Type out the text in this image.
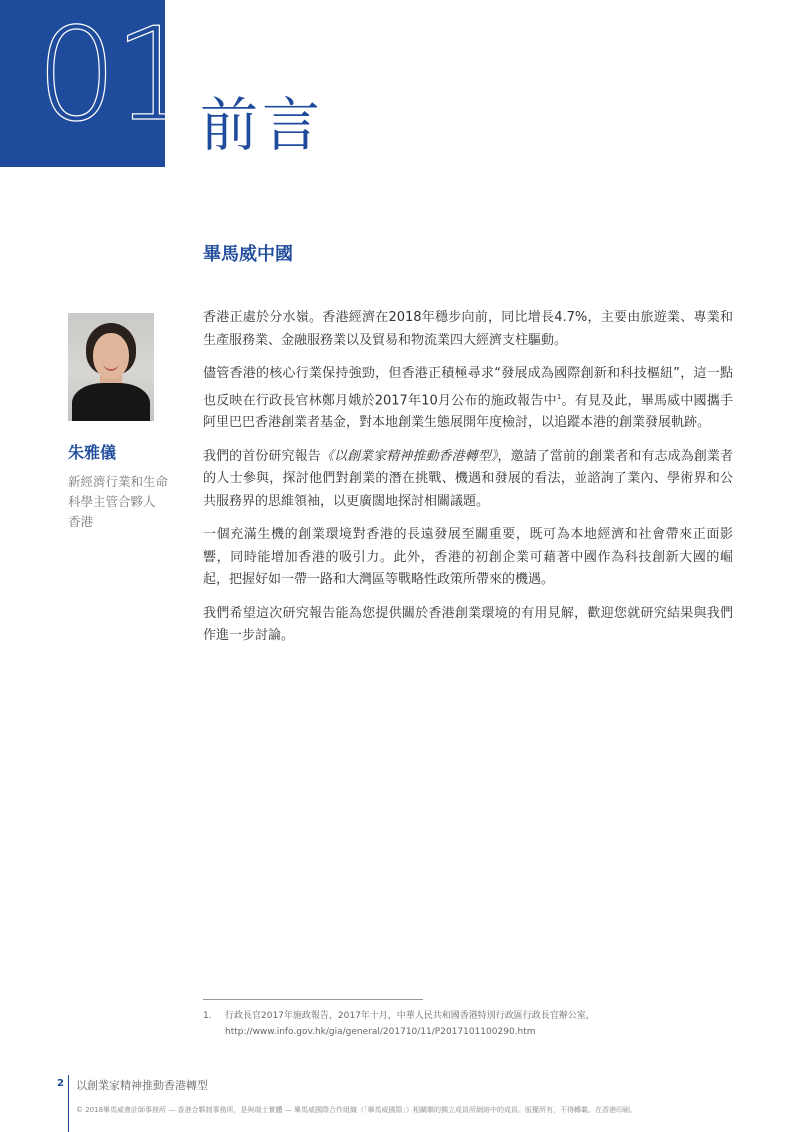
01 前言
畢馬威中國
朱雅儀
新經濟行業和生命
科學主管合夥人
香港

香港正處於分水嶺。香港經濟在2018年穩步向前，同比增長4.7%，主要由旅遊業、專業和生產服務業、金融服務業以及貿易和物流業四大經濟支柱驅動。

儘管香港的核心行業保持強勁，但香港正積極尋求“發展成為國際創新和科技樞紐”，這一點也反映在行政長官林鄭月娥於2017年10月公布的施政報告中$^1$。有見及此，畢馬威中國攜手阿里巴巴香港創業者基金，對本地創業生態展開年度檢討，以追蹤本港的創業發展軌跡。

我們的首份研究報告《以創業家精神推動香港轉型》，邀請了當前的創業者和有志成為創業者的人士參與，探討他們對創業的潛在挑戰、機遇和發展的看法，並諮詢了業內、學術界和公共服務界的思維領袖，以更廣闊地探討相關議題。

一個充滿生機的創業環境對香港的長遠發展至關重要，既可為本地經濟和社會帶來正面影響，同時能增加香港的吸引力。此外，香港的初創企業可藉著中國作為科技創新大國的崛起，把握好如一帶一路和大灣區等戰略性政策所帶來的機遇。

我們希望這次研究報告能為您提供關於香港創業環境的有用見解，歡迎您就研究結果與我們作進一步討論。

1.	行政長官2017年施政報告，2017年十月，中華人民共和國香港特別行政區行政長官辦公室，http://www.info.gov.hk/gia/general/201710/11/P2017101100290.htm
2 以創業家精神推動香港轉型
© 2018畢馬威會計師事務所 — 香港合夥制事務所，是與瑞士實體 — 畢馬威國際合作組織（「畢馬威國際」）相關聯的獨立成員所網絡中的成員。版權所有，不得轉載。在香港印刷。
